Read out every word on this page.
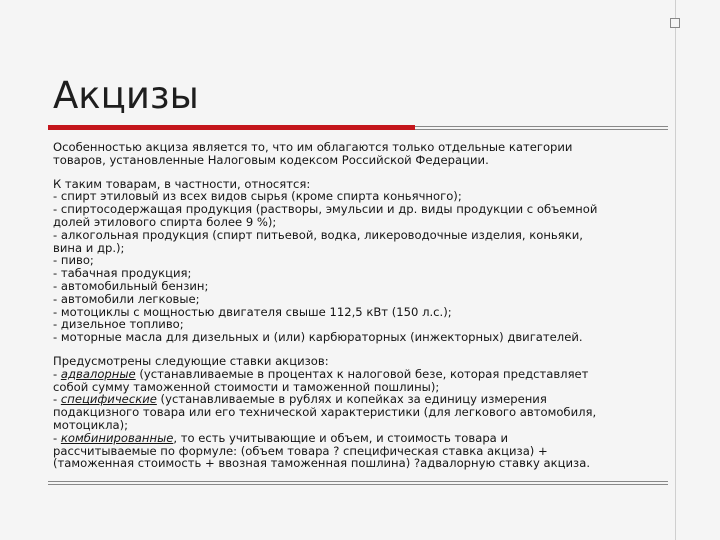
Акцизы

Особенностью акциза является то, что им облагаются только отдельные категории
товаров, установленные Налоговым кодексом Российской Федерации.

К таким товарам, в частности, относятся:
- спирт этиловый из всех видов сырья (кроме спирта коньячного);
- спиртосодержащая продукция (растворы, эмульсии и др. виды продукции с объемной
долей этилового спирта более 9 %);
- алкогольная продукция (спирт питьевой, водка, ликероводочные изделия, коньяки,
вина и др.);
- пиво;
- табачная продукция;
- автомобильный бензин;
- автомобили легковые;
- мотоциклы с мощностью двигателя свыше 112,5 кВт (150 л.с.);
- дизельное топливо;
- моторные масла для дизельных и (или) карбюраторных (инжекторных) двигателей.

Предусмотрены следующие ставки акцизов:
- адвалорные (устанавливаемые в процентах к налоговой безе, которая представляет
собой сумму таможенной стоимости и таможенной пошлины);
- специфические (устанавливаемые в рублях и копейках за единицу измерения
подакцизного товара или его технической характеристики (для легкового автомобиля,
мотоцикла);
- комбинированные, то есть учитывающие и объем, и стоимость товара и
рассчитываемые по формуле: (объем товара ? специфическая ставка акциза) +
(таможенная стоимость + ввозная таможенная пошлина) ?адвалорную ставку акциза.
